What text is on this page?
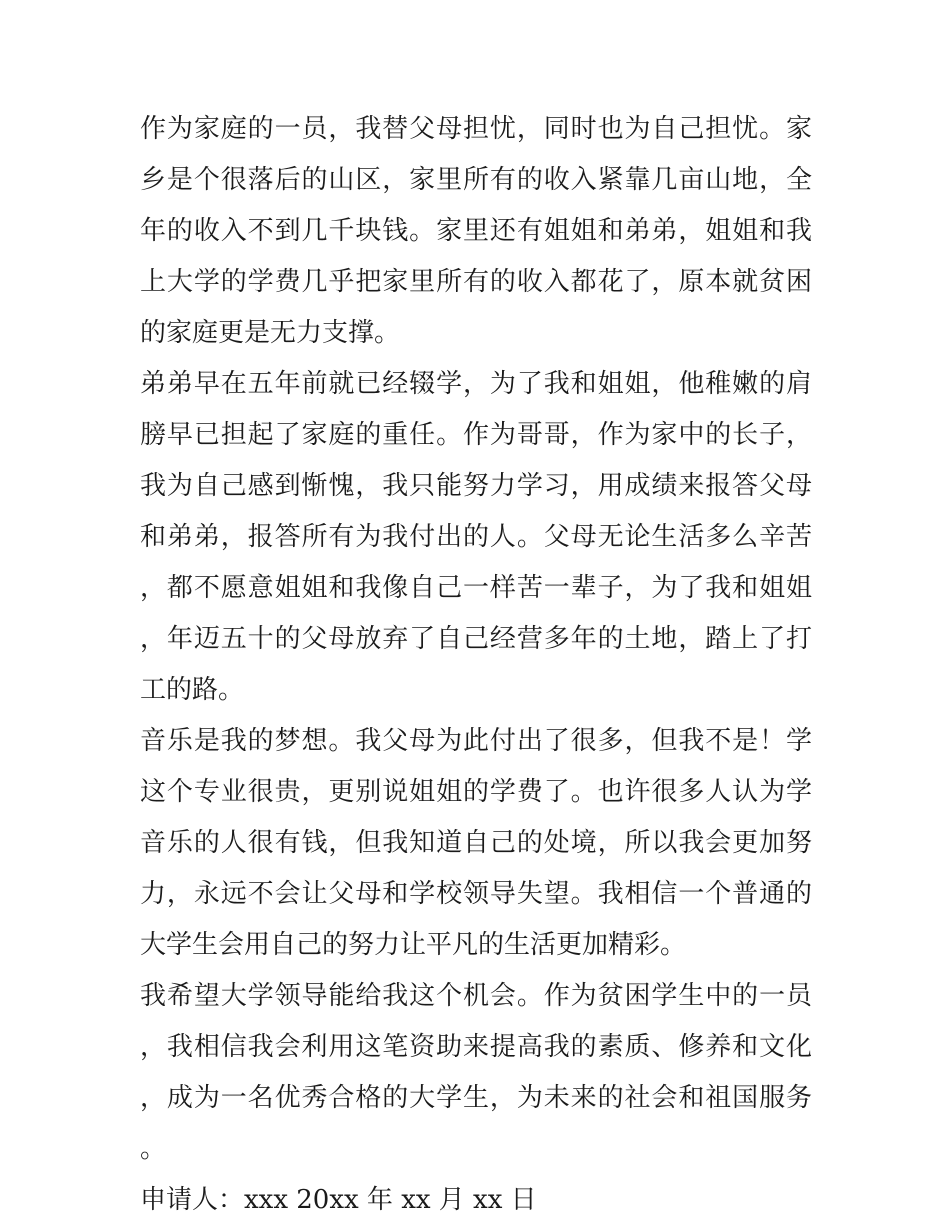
作为家庭的一员，我替父母担忧，同时也为自己担忧。家乡是个很落后的山区，家里所有的收入紧靠几亩山地，全年的收入不到几千块钱。家里还有姐姐和弟弟，姐姐和我上大学的学费几乎把家里所有的收入都花了，原本就贫困的家庭更是无力支撑。

弟弟早在五年前就已经辍学，为了我和姐姐，他稚嫩的肩膀早已担起了家庭的重任。作为哥哥，作为家中的长子，我为自己感到惭愧，我只能努力学习，用成绩来报答父母和弟弟，报答所有为我付出的人。父母无论生活多么辛苦，都不愿意姐姐和我像自己一样苦一辈子，为了我和姐姐，年迈五十的父母放弃了自己经营多年的土地，踏上了打工的路。

音乐是我的梦想。我父母为此付出了很多，但我不是！学这个专业很贵，更别说姐姐的学费了。也许很多人认为学音乐的人很有钱，但我知道自己的处境，所以我会更加努力，永远不会让父母和学校领导失望。我相信一个普通的大学生会用自己的努力让平凡的生活更加精彩。

我希望大学领导能给我这个机会。作为贫困学生中的一员，我相信我会利用这笔资助来提高我的素质、修养和文化，成为一名优秀合格的大学生，为未来的社会和祖国服务。

申请人：xxx 20xx 年 xx 月 xx 日
